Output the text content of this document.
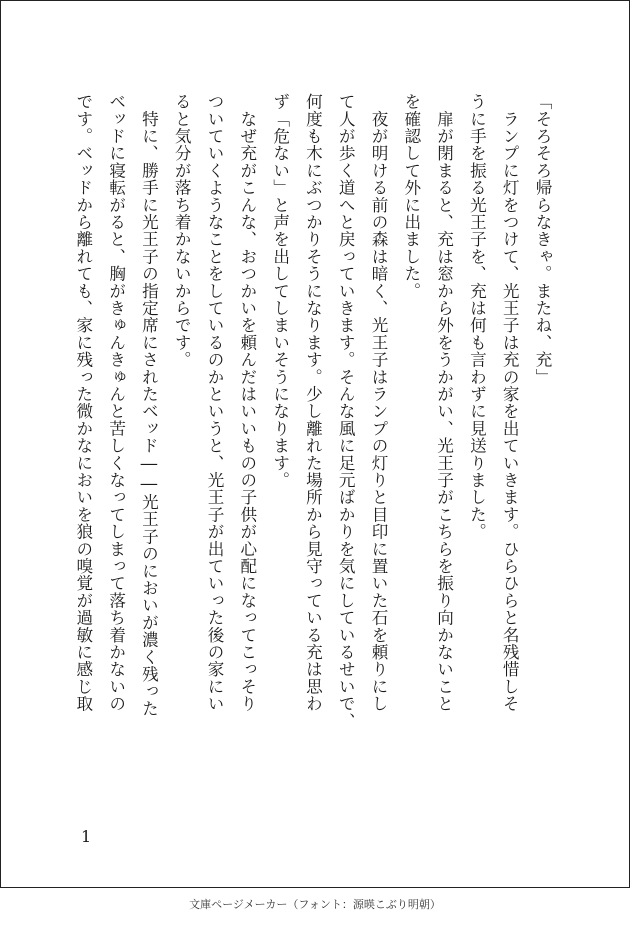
「そろそろ帰らなきゃ。またね、充」
　ランプに灯をつけて、光王子は充の家を出ていきます。ひらひらと名残惜しそ
うに手を振る光王子を、充は何も言わずに見送りました。
　扉が閉まると、充は窓から外をうかがい、光王子がこちらを振り向かないこと
を確認して外に出ました。
　夜が明ける前の森は暗く、光王子はランプの灯りと目印に置いた石を頼りにし
て人が歩く道へと戻っていきます。そんな風に足元ばかりを気にしているせいで、
何度も木にぶつかりそうになります。少し離れた場所から見守っている充は思わ
ず「危ない」と声を出してしまいそうになります。
　なぜ充がこんな、おつかいを頼んだはいいものの子供が心配になってこっそり
ついていくようなことをしているのかというと、光王子が出ていった後の家にい
ると気分が落ち着かないからです。
　特に、勝手に光王子の指定席にされたベッド――光王子のにおいが濃く残った
ベッドに寝転がると、胸がきゅんきゅんと苦しくなってしまって落ち着かないの
です。ベッドから離れても、家に残った微かなにおいを狼の嗅覚が過敏に感じ取
1
文庫ページメーカー（フォント：源暎こぶり明朝）
